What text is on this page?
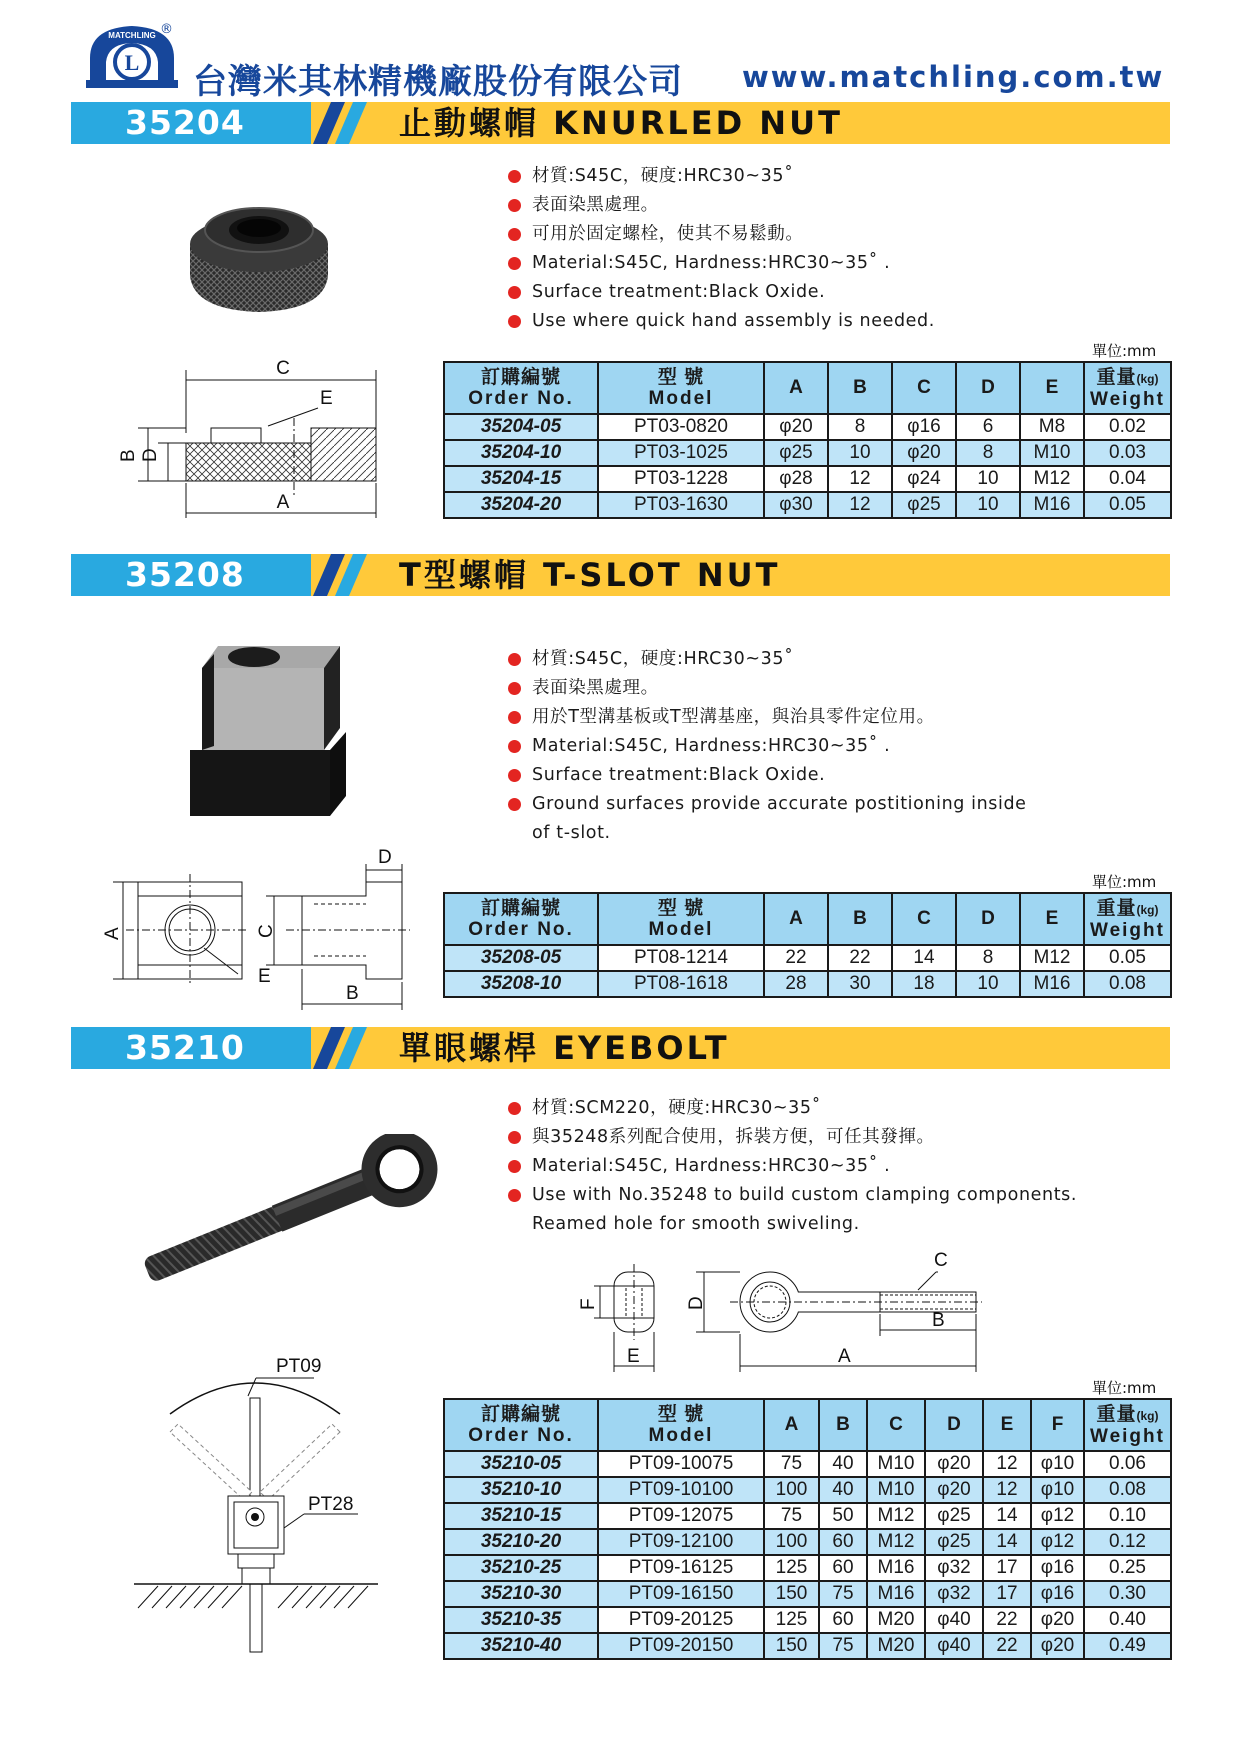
L
MATCHLING ®
台灣米其林精機廠股份有限公司 www.matchling.com.tw
35204	止動螺帽 KNURLED NUT
C
E
B D
A
材質:S45C，硬度:HRC30~35˚
表面染黑處理。
可用於固定螺栓，使其不易鬆動。
Material:S45C, Hardness:HRC30~35˚ .
Surface treatment:Black Oxide.
Use where quick hand assembly is needed.
單位:mm
訂購編號
Order No.	型 號
Model	A	B	C	D	E	重量(kg)

Weight

35204-05	PT03-0820	φ20	8	φ16	6	M8	0.02
35204-10	PT03-1025	φ25	10	φ20	8	M10	0.03
35204-15	PT03-1228	φ28	12	φ24	10	M12	0.04
35204-20	PT03-1630	φ30	12	φ25	10	M16	0.05
35208	T型螺帽 T-SLOT NUT
A
E
D
C
B
材質:S45C，硬度:HRC30~35˚
表面染黑處理。
用於T型溝基板或T型溝基座，與治具零件定位用。
Material:S45C, Hardness:HRC30~35˚ .
Surface treatment:Black Oxide.
Ground surfaces provide accurate postitioning inside
of t-slot.
單位:mm
訂購編號
Order No.	型 號
Model	A	B	C	D	E	重量(kg)

Weight

35208-05	PT08-1214	22	22	14	8	M12	0.05
35208-10	PT08-1618	28	30	18	10	M16	0.08
35210	單眼螺桿 EYEBOLT
F
E
D
C
B
A
PT09
PT28
材質:SCM220，硬度:HRC30~35˚
與35248系列配合使用，拆裝方便，可任其發揮。
Material:S45C, Hardness:HRC30~35˚ .
Use with No.35248 to build custom clamping components.
Reamed hole for smooth swiveling.
單位:mm
訂購編號
Order No.	型 號
Model	A	B	C	D	E	F	重量(kg)

Weight

35210-05	PT09-10075	75	40	M10	φ20	12	φ10	0.06
35210-10	PT09-10100	100	40	M10	φ20	12	φ10	0.08
35210-15	PT09-12075	75	50	M12	φ25	14	φ12	0.10
35210-20	PT09-12100	100	60	M12	φ25	14	φ12	0.12
35210-25	PT09-16125	125	60	M16	φ32	17	φ16	0.25
35210-30	PT09-16150	150	75	M16	φ32	17	φ16	0.30
35210-35	PT09-20125	125	60	M20	φ40	22	φ20	0.40
35210-40	PT09-20150	150	75	M20	φ40	22	φ20	0.49
